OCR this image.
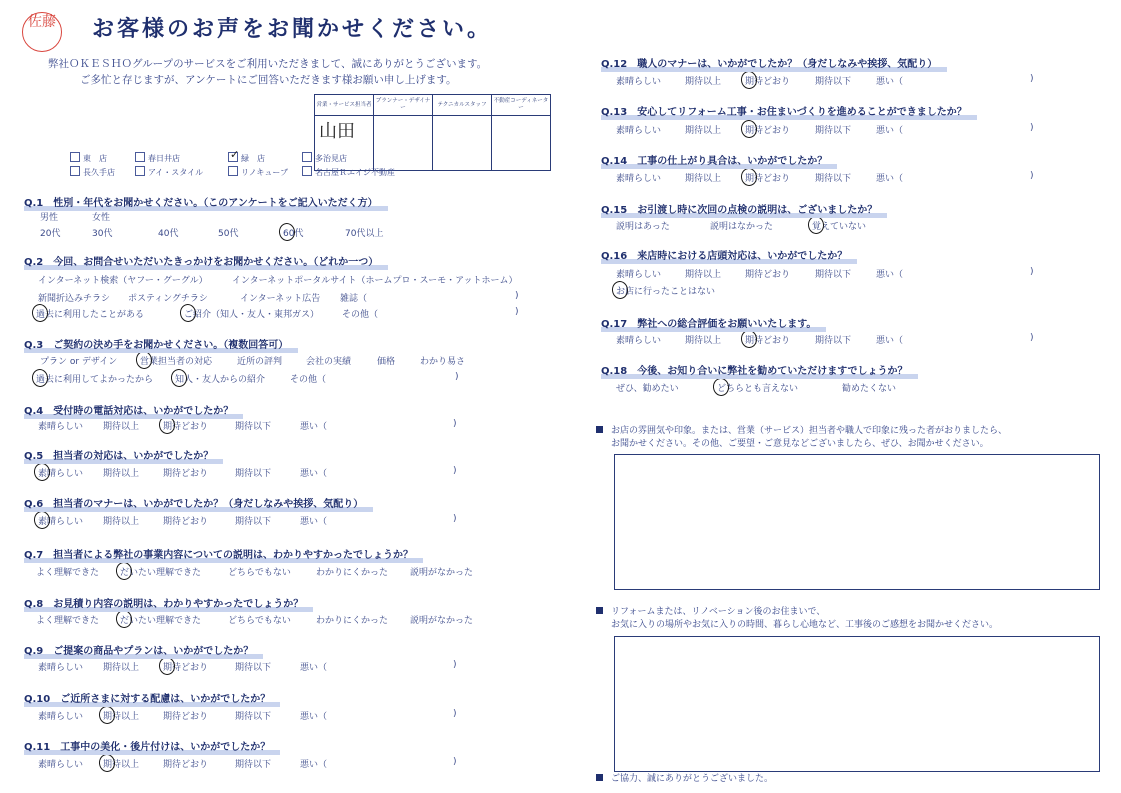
佐藤 お客様のお声をお聞かせください。
弊社ＯＫＥＳＨＯグループのサービスをご利用いただきまして、誠にありがとうございます。
ご多忙と存じますが、アンケートにご回答いただきます様お願い申し上げます。
営業・サービス担当者	プランナー・デザイナー	テクニカルスタッフ	不動産コーディネーター
山田			
東　店	春日井店 ✓	緑　店	多治見店
長久手店	アイ・スタイル	リノキューブ	名古屋Ｒエイジ不動産
Q.1　性別・年代をお聞かせください。（このアンケートをご記入いただく方）
男性	女性
20代	30代	40代	50代	60代	70代以上
Q.2　今回、お問合せいただいたきっかけをお聞かせください。（どれか一つ）
インターネット検索（ヤフー・グーグル）	インターネットポータルサイト（ホームプロ・スーモ・アットホーム）
新聞折込みチラシ ポスティングチラシ	インターネット広告 雑誌（	)
過去に利用したことがある	ご紹介（知人・友人・東邦ガス）	その他（	)
Q.3　ご契約の決め手をお聞かせください。（複数回答可）
プラン or デザイン	営業担当者の対応	近所の評判	会社の実績	価格	わかり易さ
過去に利用してよかったから 知人・友人からの紹介	その他（	)
Q.4　受付時の電話対応は、いかがでしたか？
素晴らしい 期待以上	期待どおり	期待以下	悪い（	)
Q.5　担当者の対応は、いかがでしたか？
素晴らしい 期待以上	期待どおり	期待以下	悪い（	)
Q.6　担当者のマナーは、いかがでしたか？（身だしなみや挨拶、気配り）
素晴らしい 期待以上	期待どおり	期待以下	悪い（	)
Q.7　担当者による弊社の事業内容についての説明は、わかりやすかったでしょうか？
よく理解できた だいたい理解できた	どちらでもない	わかりにくかった 説明がなかった
Q.8　お見積り内容の説明は、わかりやすかったでしょうか？
よく理解できた だいたい理解できた	どちらでもない	わかりにくかった 説明がなかった
Q.9　ご提案の商品やプランは、いかがでしたか？
素晴らしい 期待以上	期待どおり	期待以下	悪い（	)
Q.10　ご近所さまに対する配慮は、いかがでしたか？
素晴らしい 期待以上	期待どおり	期待以下	悪い（	)
Q.11　工事中の美化・後片付けは、いかがでしたか？
素晴らしい 期待以上	期待どおり	期待以下	悪い（	)
Q.12　職人のマナーは、いかがでしたか？（身だしなみや挨拶、気配り）
素晴らしい	期待以上	期待どおり	期待以下	悪い（	)
Q.13　安心してリフォーム工事・お住まいづくりを進めることができましたか？
素晴らしい	期待以上	期待どおり	期待以下	悪い（	)
Q.14　工事の仕上がり具合は、いかがでしたか？
素晴らしい	期待以上	期待どおり	期待以下	悪い（	)
Q.15　お引渡し時に次回の点検の説明は、ございましたか？
説明はあった	説明はなかった	覚えていない
Q.16　来店時における店頭対応は、いかがでしたか？
素晴らしい	期待以上	期待どおり	期待以下	悪い（	)
お店に行ったことはない
Q.17　弊社への総合評価をお願いいたします。
素晴らしい	期待以上	期待どおり	期待以下	悪い（	)
Q.18　今後、お知り合いに弊社を勧めていただけますでしょうか？
ぜひ、勧めたい	どちらとも言えない	勧めたくない
お店の雰囲気や印象。または、営業（サービス）担当者や職人で印象に残った者がおりましたら、
お聞かせください。その他、ご要望・ご意見などございましたら、ぜひ、お聞かせください。
リフォームまたは、リノベーション後のお住まいで、
お気に入りの場所やお気に入りの時間、暮らし心地など、工事後のご感想をお聞かせください。
ご協力、誠にありがとうございました。
